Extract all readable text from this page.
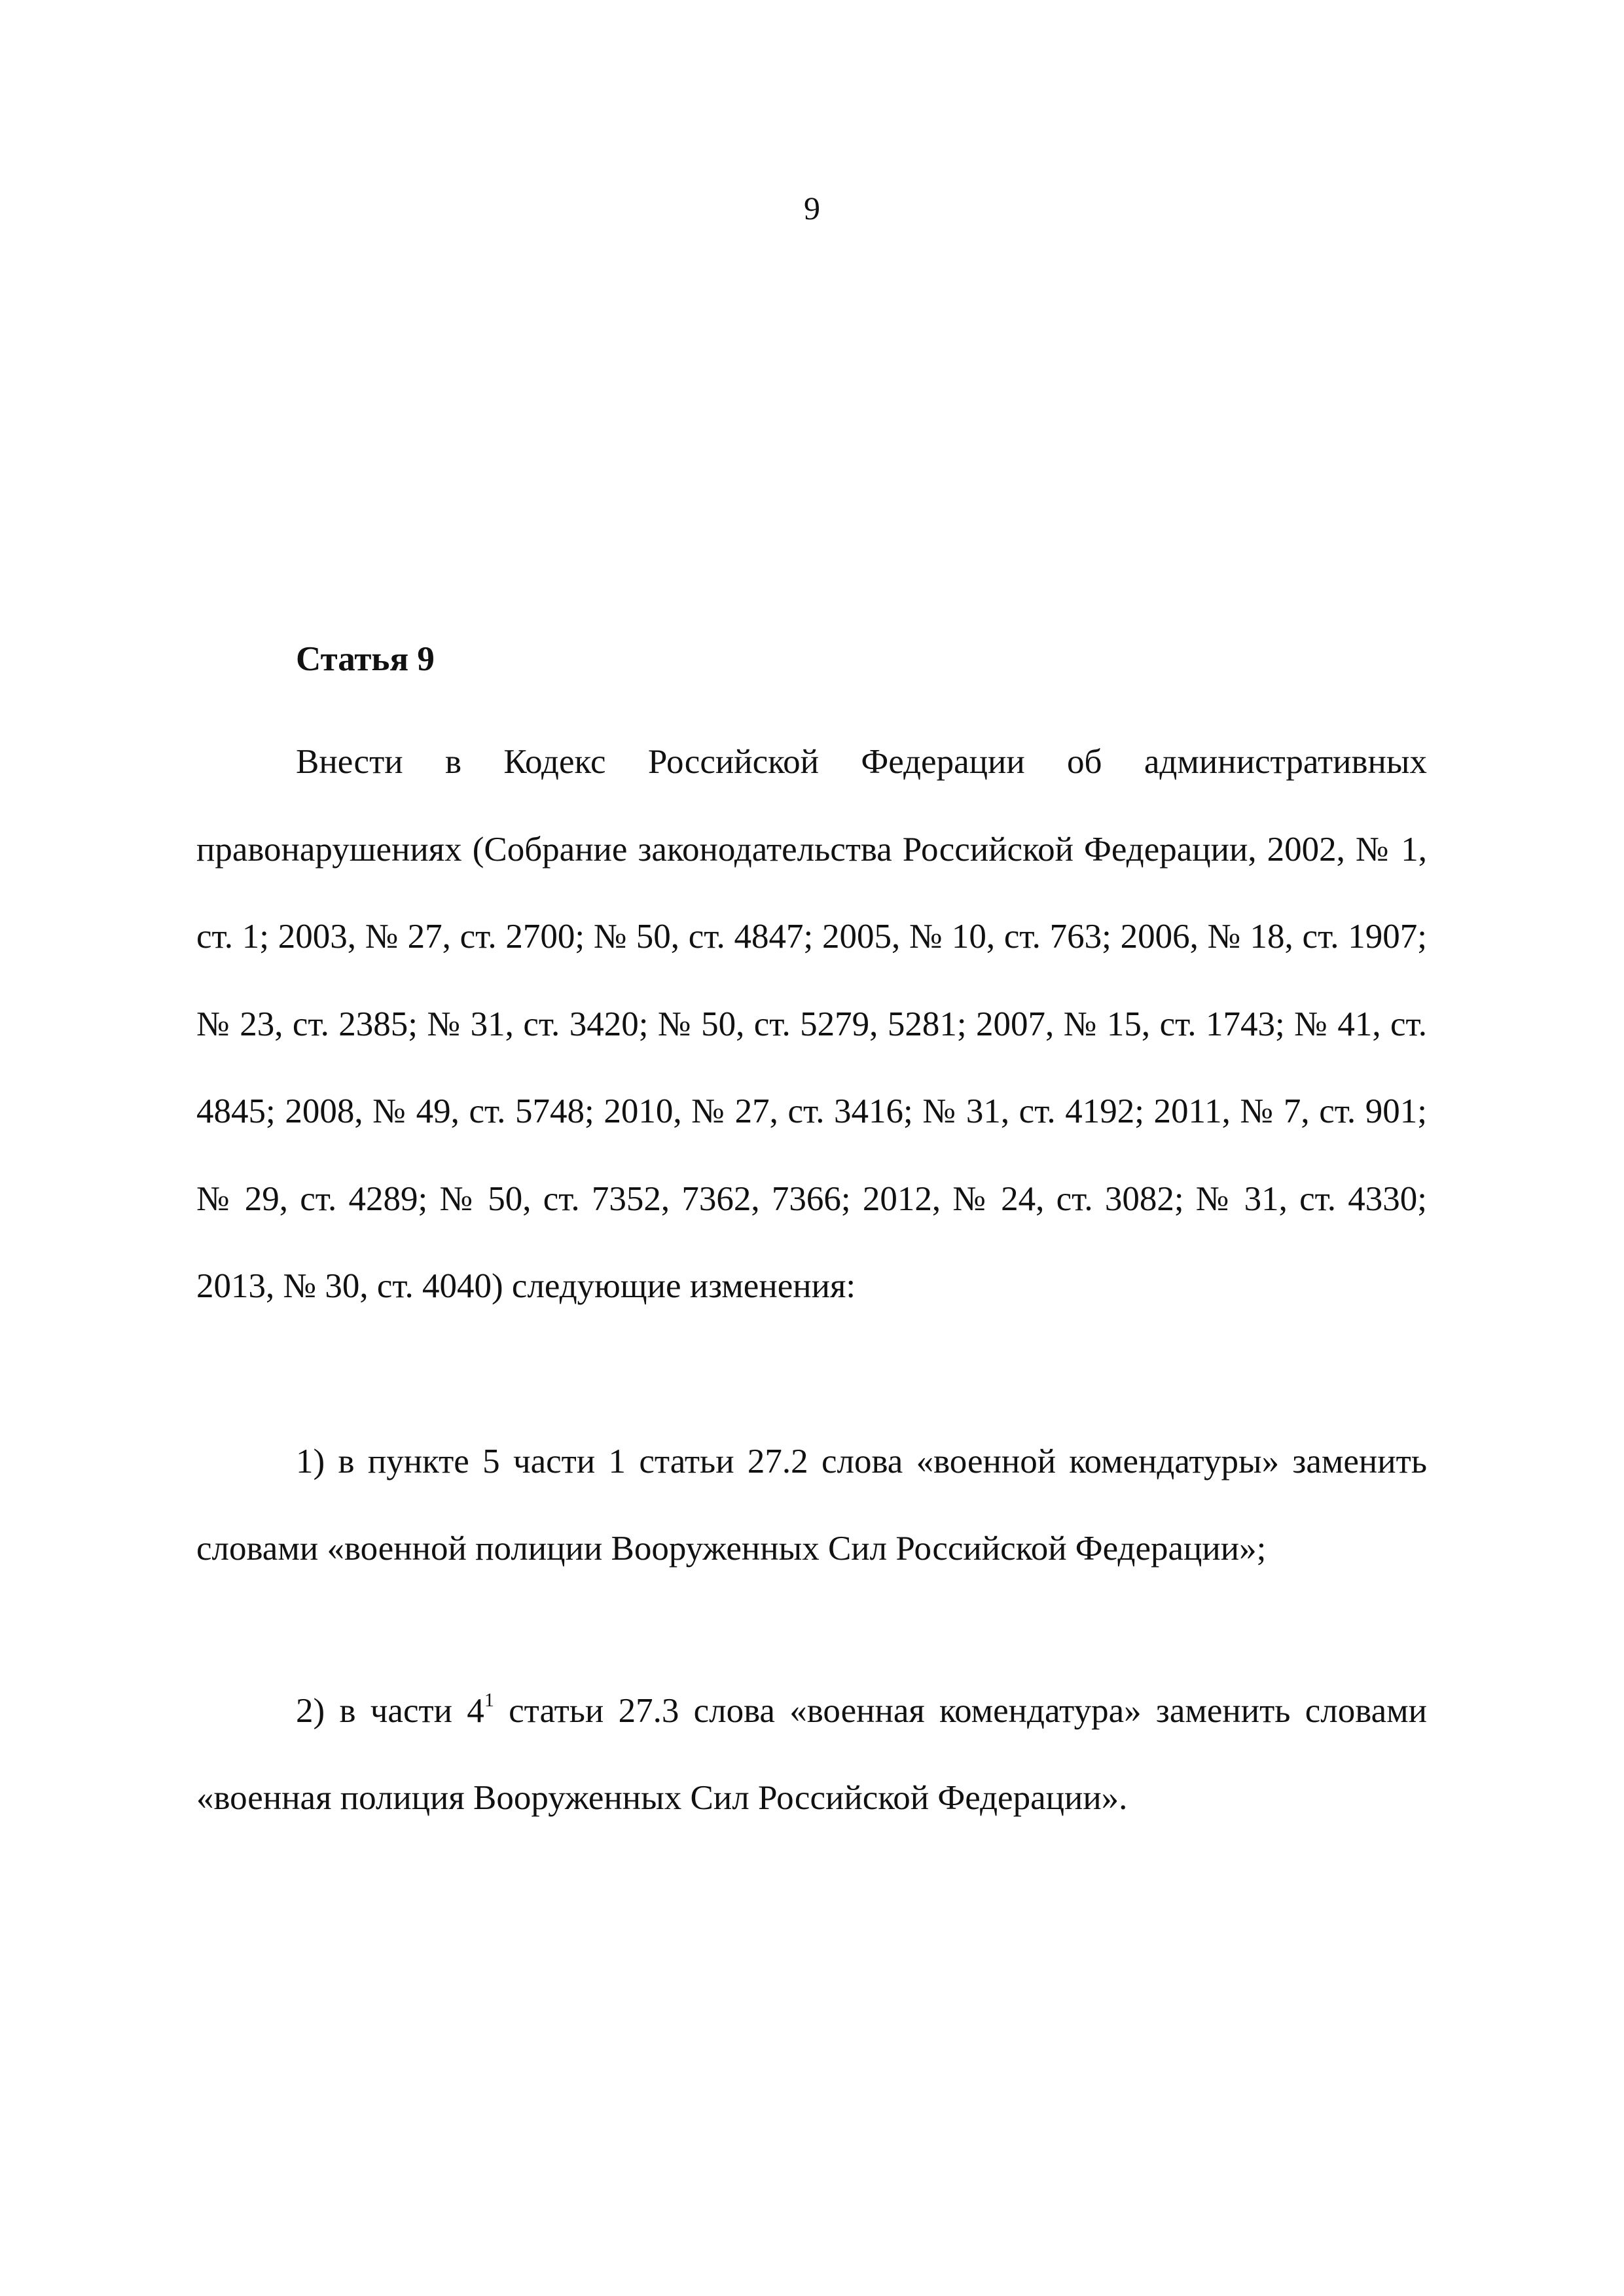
9
Статья 9

Внести в Кодекс Российской Федерации об административных правонарушениях (Собрание законодательства Российской Федерации, 2002, № 1, ст. 1; 2003, № 27, ст. 2700; № 50, ст. 4847; 2005, № 10, ст. 763; 2006, № 18, ст. 1907; № 23, ст. 2385; № 31, ст. 3420; № 50, ст. 5279, 5281; 2007, № 15, ст. 1743; № 41, ст. 4845; 2008, № 49, ст. 5748; 2010, № 27, ст. 3416; № 31, ст. 4192; 2011, № 7, ст. 901; № 29, ст. 4289; № 50, ст. 7352, 7362, 7366; 2012, № 24, ст. 3082; № 31, ст. 4330; 2013, № 30, ст. 4040) следующие изменения:

1) в пункте 5 части 1 статьи 27.2 слова «военной комендатуры» заменить словами «военной полиции Вооруженных Сил Российской Федерации»;

2) в части $4^1$ статьи 27.3 слова «военная комендатура» заменить словами «военная полиция Вооруженных Сил Российской Федерации».
